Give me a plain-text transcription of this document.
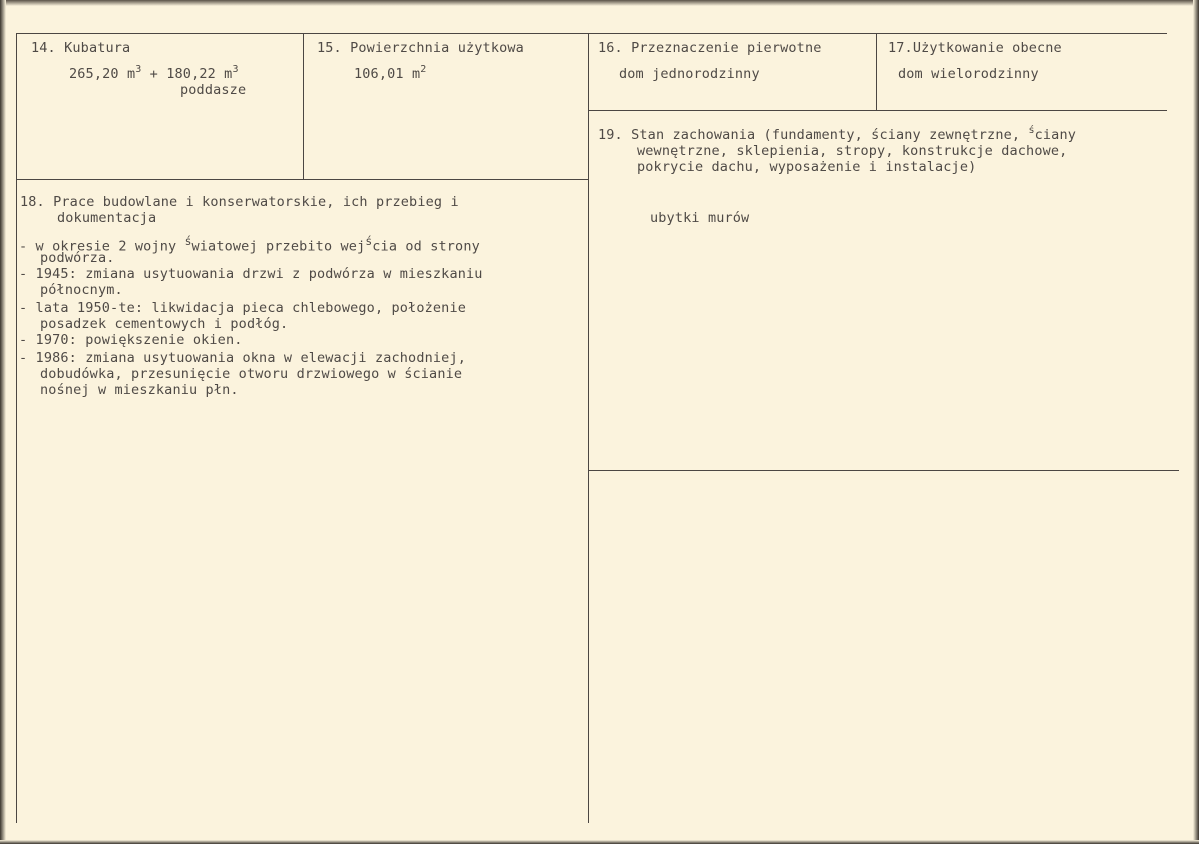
14. Kubatura
265,20 $m^3 + 180,22$ $m^3$
poddasze
15. Powierzchnia użytkowa
106,01 $m^2$
16. Przeznaczenie pierwotne
dom jednorodzinny
17.Użytkowanie obecne
dom wielorodzinny
19. Stan zachowania (fundamenty, ściany zewnętrzne, $^ś$ciany
wewnętrzne, sklepienia, stropy, konstrukcje dachowe,
pokrycie dachu, wyposażenie i instalacje)
ubytki murów
18. Prace budowlane i konserwatorskie, ich przebieg i
dokumentacja
- w okresie 2 wojny $^ś$wiatowej przebito wej$^ś$cia od strony
podwórza.
- 1945: zmiana usytuowania drzwi z podwórza w mieszkaniu
północnym.
- lata 1950-te: likwidacja pieca chlebowego, położenie
posadzek cementowych i podłóg.
- 1970: powiększenie okien.
- 1986: zmiana usytuowania okna w elewacji zachodniej,
dobudówka, przesunięcie otworu drzwiowego w ścianie
nośnej w mieszkaniu płn.
